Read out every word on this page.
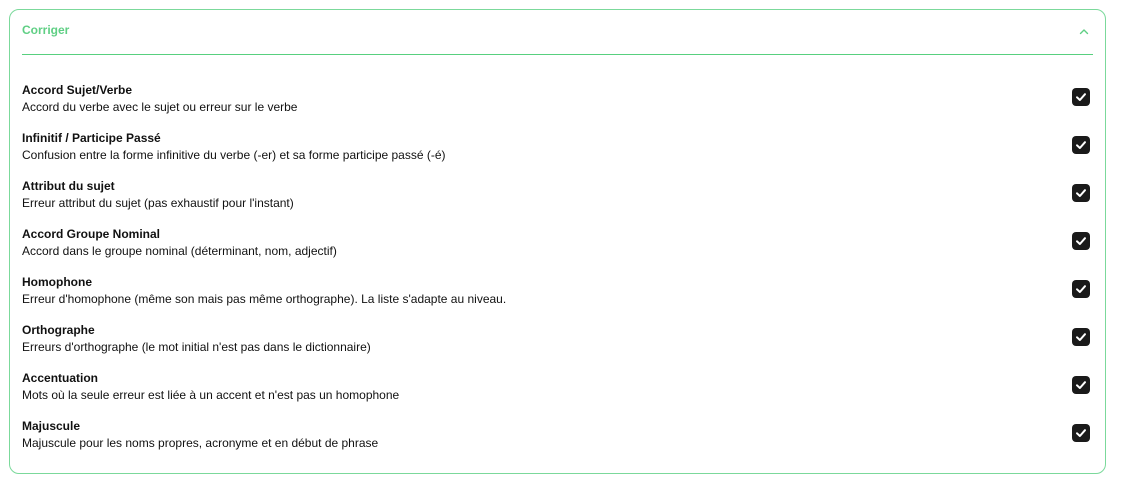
Corriger
Accord Sujet/Verbe
Accord du verbe avec le sujet ou erreur sur le verbe
Infinitif / Participe Passé
Confusion entre la forme infinitive du verbe (-er) et sa forme participe passé (-é)
Attribut du sujet
Erreur attribut du sujet (pas exhaustif pour l'instant)
Accord Groupe Nominal
Accord dans le groupe nominal (déterminant, nom, adjectif)
Homophone
Erreur d'homophone (même son mais pas même orthographe). La liste s'adapte au niveau.
Orthographe
Erreurs d'orthographe (le mot initial n'est pas dans le dictionnaire)
Accentuation
Mots où la seule erreur est liée à un accent et n'est pas un homophone
Majuscule
Majuscule pour les noms propres, acronyme et en début de phrase
